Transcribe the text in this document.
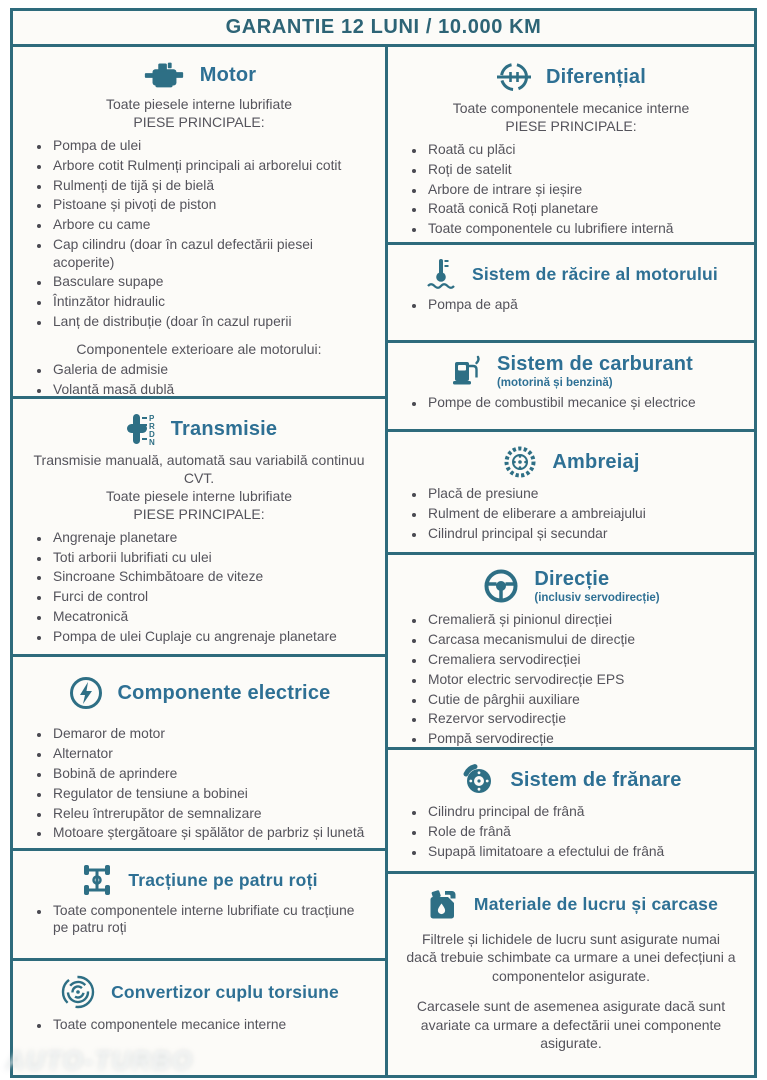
GARANTIE 12 LUNI / 10.000 KM
Motor
Toate piesele interne lubrifiate
PIESE PRINCIPALE:
• Pompa de ulei
• Arbore cotit Rulmenți principali ai arborelui cotit
• Rulmenți de tijă și de bielă
• Pistoane și pivoți de piston
• Arbore cu came
• Cap cilindru (doar în cazul defectării piesei acoperite)
• Basculare supape
• Întinzător hidraulic
• Lanț de distribuție (doar în cazul ruperii
Componentele exterioare ale motorului:
• Galeria de admisie
• Volantă masă dublă
P
R
D
N
Transmisie
Transmisie manuală, automată sau variabilă continuu CVT.
Toate piesele interne lubrifiate
PIESE PRINCIPALE:
• Angrenaje planetare
• Toti arborii lubrifiati cu ulei
• Sincroane Schimbătoare de viteze
• Furci de control
• Mecatronică
• Pompa de ulei Cuplaje cu angrenaje planetare
Componente electrice
• Demaror de motor
• Alternator
• Bobină de aprindere
• Regulator de tensiune a bobinei
• Releu întrerupător de semnalizare
• Motoare ștergătoare și spălător de parbriz și lunetă
Tracțiune pe patru roți
• Toate componentele interne lubrifiate cu tracțiune pe patru roți
Convertizor cuplu torsiune
• Toate componentele mecanice interne
Diferențial
Toate componentele mecanice interne
PIESE PRINCIPALE:
• Roată cu plăci
• Roți de satelit
• Arbore de intrare și ieșire
• Roată conică Roți planetare
• Toate componentele cu lubrifiere internă
Sistem de răcire al motorului
• Pompa de apă
Sistem de carburant
(motorină și benzină)
• Pompe de combustibil mecanice și electrice
Ambreiaj
• Placă de presiune
• Rulment de eliberare a ambreiajului
• Cilindrul principal și secundar
Direcție
(inclusiv servodirecție)
• Cremalieră și pinionul direcției
• Carcasa mecanismului de direcție
• Cremaliera servodirecției
• Motor electric servodirecție EPS
• Cutie de pârghii auxiliare
• Rezervor servodirecție
• Pompă servodirecție
Sistem de frănare
• Cilindru principal de frână
• Role de frână
• Supapă limitatoare a efectului de frână
Materiale de lucru și carcase

Filtrele și lichidele de lucru sunt asigurate numai dacă trebuie schimbate ca urmare a unei defecțiuni a componentelor asigurate.

Carcasele sunt de asemenea asigurate dacă sunt avariate ca urmare a defectării unei componente asigurate.

AUTO-TURBO
